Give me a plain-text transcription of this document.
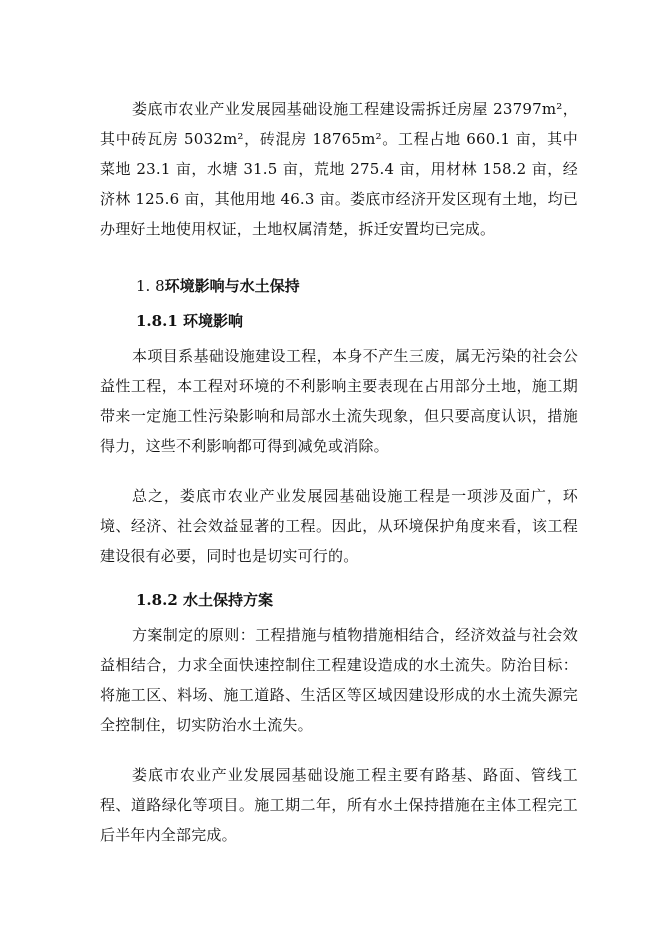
娄底市农业产业发展园基础设施工程建设需拆迁房屋 23797m²，其中砖瓦房 5032m²，砖混房 18765m²。工程占地 660.1 亩，其中菜地 23.1 亩，水塘 31.5 亩，荒地 275.4 亩，用材林 158.2 亩，经济林 125.6 亩，其他用地 46.3 亩。娄底市经济开发区现有土地，均已办理好土地使用权证，土地权属清楚，拆迁安置均已完成。

1. 8环境影响与水土保持
1.8.1 环境影响

本项目系基础设施建设工程，本身不产生三废，属无污染的社会公益性工程，本工程对环境的不利影响主要表现在占用部分土地，施工期带来一定施工性污染影响和局部水土流失现象，但只要高度认识，措施得力，这些不利影响都可得到减免或消除。

总之，娄底市农业产业发展园基础设施工程是一项涉及面广，环境、经济、社会效益显著的工程。因此，从环境保护角度来看，该工程建设很有必要，同时也是切实可行的。

1.8.2 水土保持方案

方案制定的原则：工程措施与植物措施相结合，经济效益与社会效益相结合，力求全面快速控制住工程建设造成的水土流失。防治目标：将施工区、料场、施工道路、生活区等区域因建设形成的水土流失源完全控制住，切实防治水土流失。

娄底市农业产业发展园基础设施工程主要有路基、路面、管线工程、道路绿化等项目。施工期二年，所有水土保持措施在主体工程完工后半年内全部完成。
